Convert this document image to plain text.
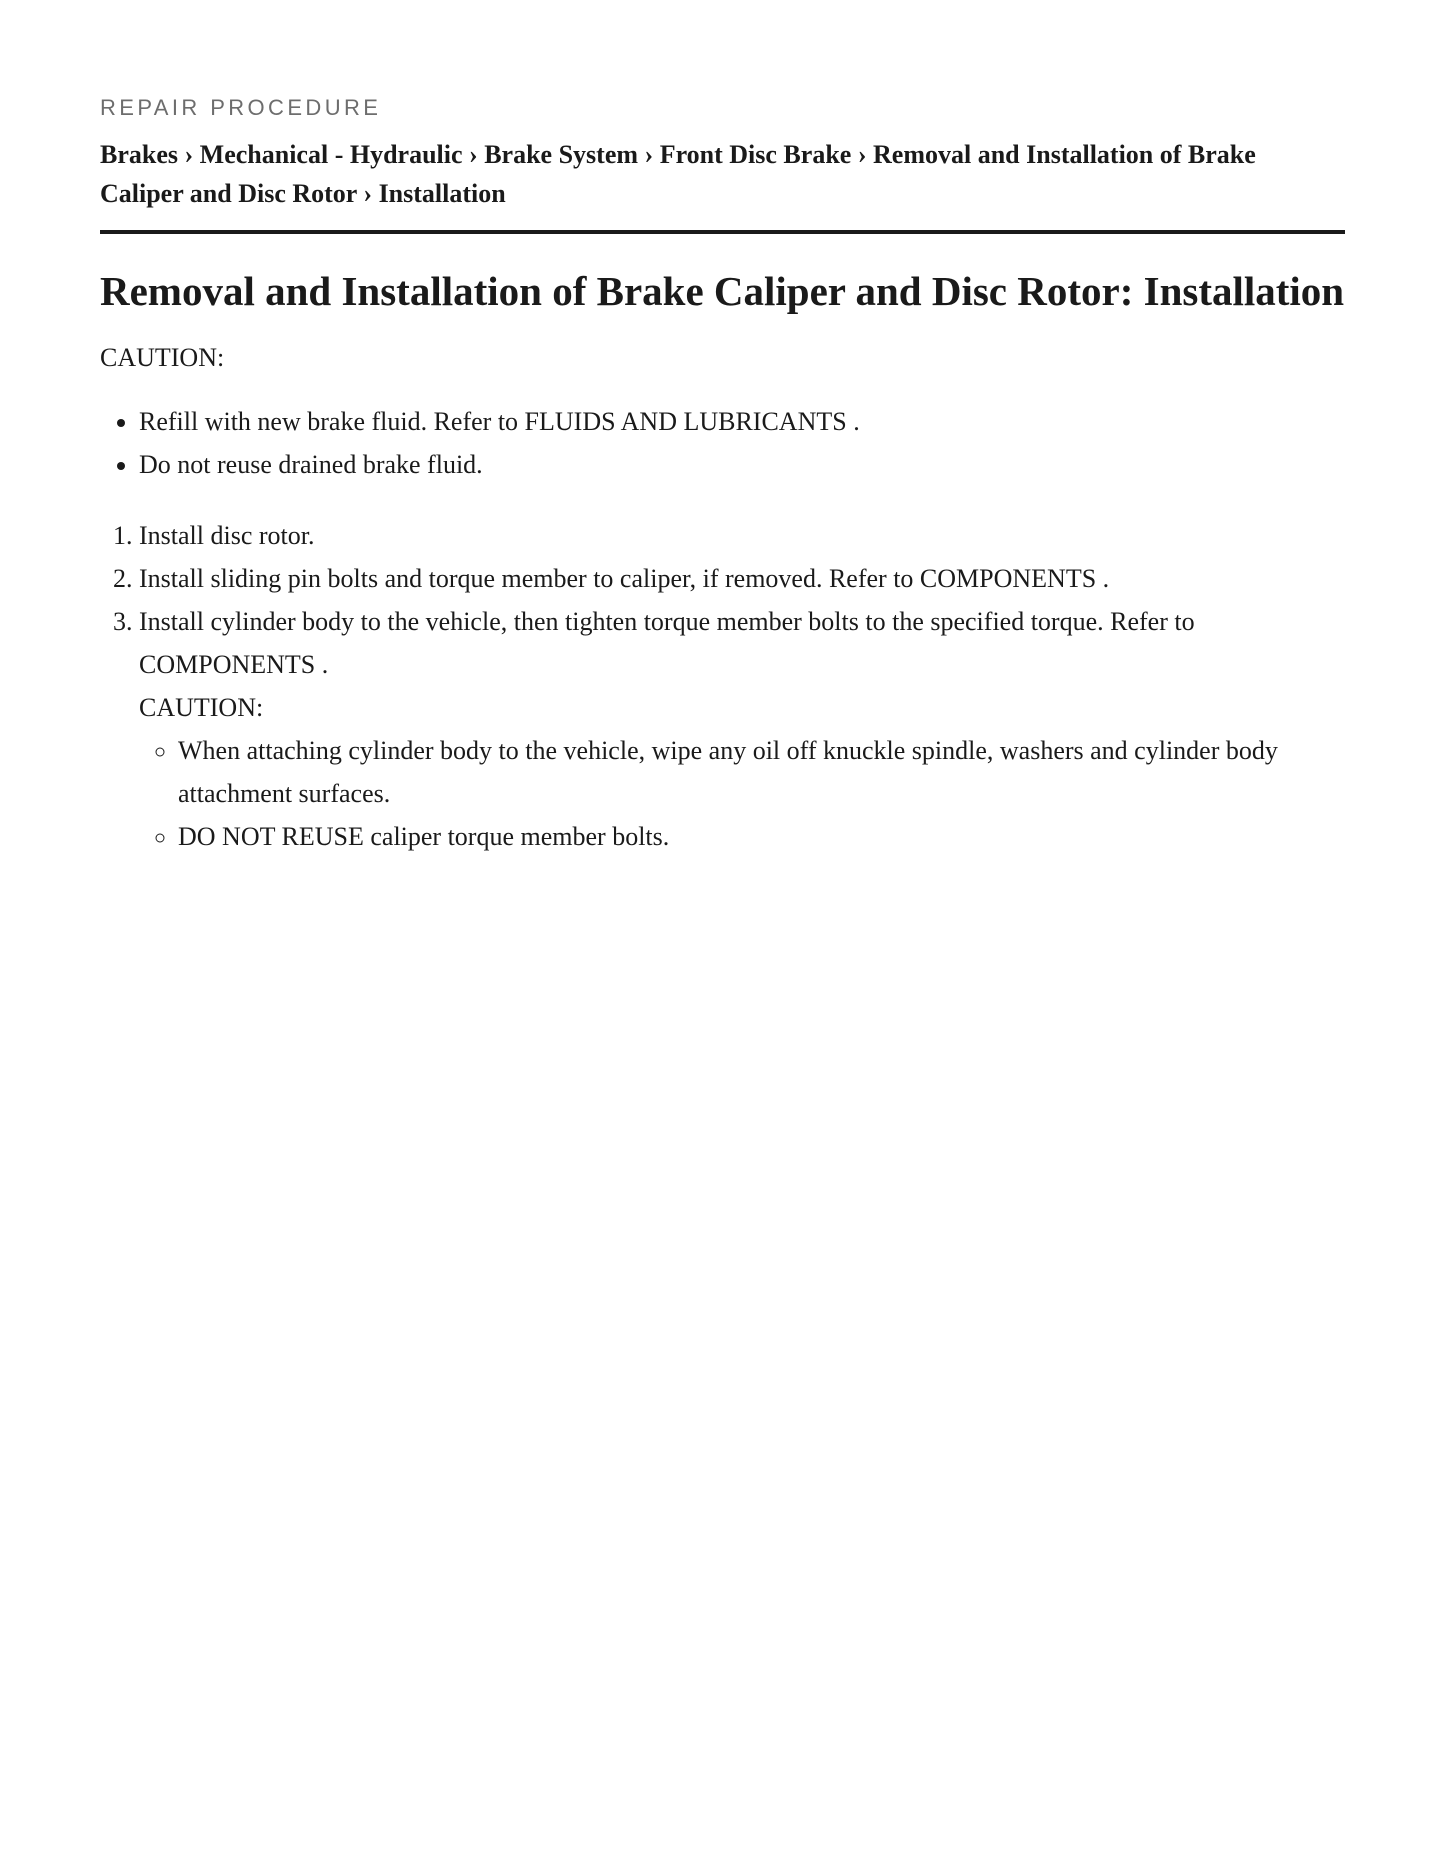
REPAIR PROCEDURE
Brakes › Mechanical - Hydraulic › Brake System › Front Disc Brake › Removal and Installation of Brake Caliper and Disc Rotor › Installation
Removal and Installation of Brake Caliper and Disc Rotor: Installation
CAUTION:
• Refill with new brake fluid. Refer to FLUIDS AND LUBRICANTS .
• Do not reuse drained brake fluid.
1. Install disc rotor.
2. Install sliding pin bolts and torque member to caliper, if removed. Refer to COMPONENTS .
3. Install cylinder body to the vehicle, then tighten torque member bolts to the specified torque. Refer to COMPONENTS .
CAUTION:
◦ When attaching cylinder body to the vehicle, wipe any oil off knuckle spindle, washers and cylinder body attachment surfaces.
◦ DO NOT REUSE caliper torque member bolts.
